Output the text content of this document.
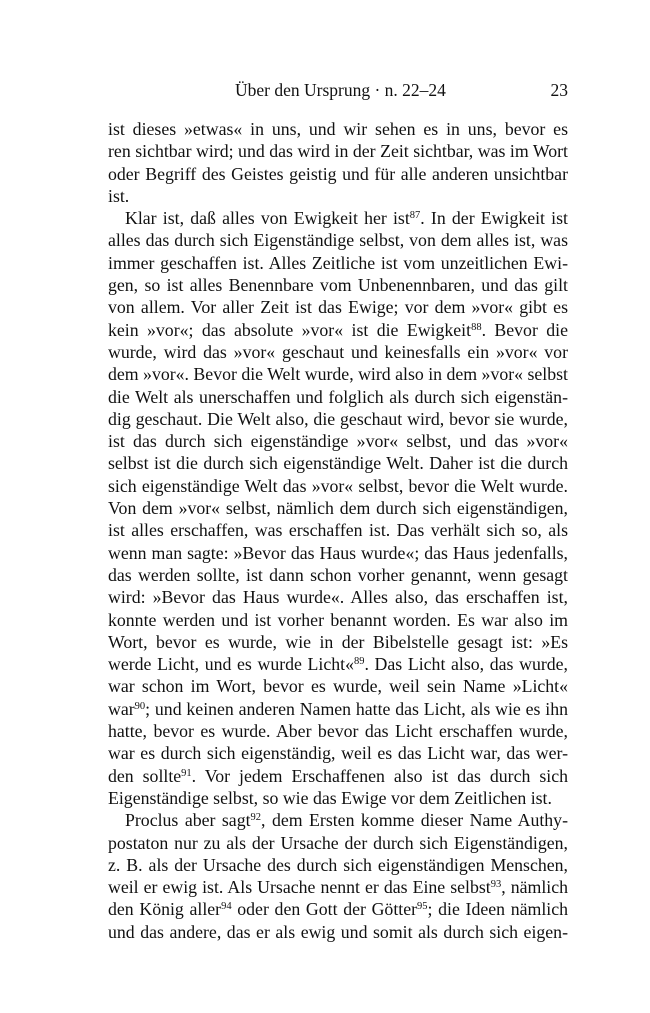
Über den Ursprung · n. 22–24	23
ist dieses »etwas« in uns, und wir sehen es in uns, bevor es
ren sichtbar wird; und das wird in der Zeit sichtbar, was im Wort
oder Begriff des Geistes geistig und für alle anderen unsichtbar
ist.
Klar ist, daß alles von Ewigkeit her ist$^{87}$. In der Ewigkeit ist
alles das durch sich Eigenständige selbst, von dem alles ist, was
immer geschaffen ist. Alles Zeitliche ist vom unzeitlichen Ewi-
gen, so ist alles Benennbare vom Unbenennbaren, und das gilt
von allem. Vor aller Zeit ist das Ewige; vor dem »vor« gibt es
kein »vor«; das absolute »vor« ist die Ewigkeit$^{88}$. Bevor die
wurde, wird das »vor« geschaut und keinesfalls ein »vor« vor
dem »vor«. Bevor die Welt wurde, wird also in dem »vor« selbst
die Welt als unerschaffen und folglich als durch sich eigenstän-
dig geschaut. Die Welt also, die geschaut wird, bevor sie wurde,
ist das durch sich eigenständige »vor« selbst, und das »vor«
selbst ist die durch sich eigenständige Welt. Daher ist die durch
sich eigenständige Welt das »vor« selbst, bevor die Welt wurde.
Von dem »vor« selbst, nämlich dem durch sich eigenständigen,
ist alles erschaffen, was erschaffen ist. Das verhält sich so, als
wenn man sagte: »Bevor das Haus wurde«; das Haus jedenfalls,
das werden sollte, ist dann schon vorher genannt, wenn gesagt
wird: »Bevor das Haus wurde«. Alles also, das erschaffen ist,
konnte werden und ist vorher benannt worden. Es war also im
Wort, bevor es wurde, wie in der Bibelstelle gesagt ist: »Es
werde Licht, und es wurde Licht«$^{89}$. Das Licht also, das wurde,
war schon im Wort, bevor es wurde, weil sein Name »Licht«
war$^{90}$; und keinen anderen Namen hatte das Licht, als wie es ihn
hatte, bevor es wurde. Aber bevor das Licht erschaffen wurde,
war es durch sich eigenständig, weil es das Licht war, das wer-
den sollte$^{91}$. Vor jedem Erschaffenen also ist das durch sich
Eigenständige selbst, so wie das Ewige vor dem Zeitlichen ist.
Proclus aber sagt$^{92}$, dem Ersten komme dieser Name Authy-
postaton nur zu als der Ursache der durch sich Eigenständigen,
z. B. als der Ursache des durch sich eigenständigen Menschen,
weil er ewig ist. Als Ursache nennt er das Eine selbst$^{93}$, nämlich
den König aller$^{94}$ oder den Gott der Götter$^{95}$; die Ideen nämlich
und das andere, das er als ewig und somit als durch sich eigen-
